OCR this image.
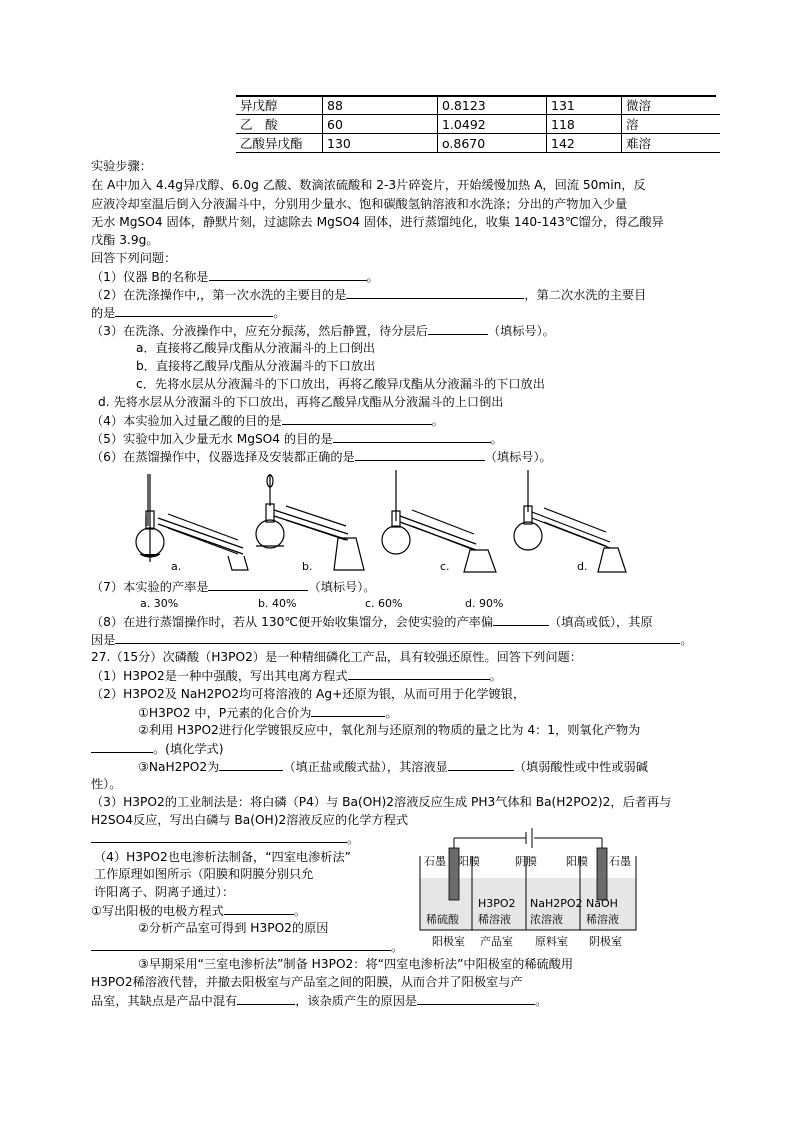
异戊醇	88	0.8123	131	微溶
乙　酸	60	1.0492	118	溶
乙酸异戊酯	130	o.8670	142	难溶
实验步骤：
在 A中加入 4.4g异戊醇、6.0g 乙酸、数滴浓硫酸和 2-3片碎瓷片，开始缓慢加热 A，回流 50min，反
应液冷却室温后倒入分液漏斗中，分别用少量水、饱和碳酸氢钠溶液和水洗涤；分出的产物加入少量
无水 MgSO4 固体，静默片刻，过滤除去 MgSO4 固体，进行蒸馏纯化，收集 140-143℃馏分，得乙酸异
戊酯 3.9g。
回答下列问题：
（1）仪器 B的名称是	。
（2）在洗涤操作中,，第一次水洗的主要目的是	，第二次水洗的主要目
的是	。
（3）在洗涤、分液操作中，应充分振荡，然后静置，待分层后	（填标号）。
a．直接将乙酸异戊酯从分液漏斗的上口倒出
b．直接将乙酸异戊酯从分液漏斗的下口放出
c．先将水层从分液漏斗的下口放出，再将乙酸异戊酯从分液漏斗的下口放出
d. 先将水层从分液漏斗的下口放出，再将乙酸异戊酯从分液漏斗的上口倒出
（4）本实验加入过量乙酸的目的是	。
（5）实验中加入少量无水 MgSO4 的目的是	。
（6）在蒸馏操作中，仪器选择及安装都正确的是	（填标号）。
a.	b.	c.	d.
（7）本实验的产率是	（填标号）。
a. 30%	b. 40%	c. 60%	d. 90%
（8）在进行蒸馏操作时，若从 130℃便开始收集馏分，会使实验的产率偏	（填高或低），其原
因是	。
27.（15分）次磷酸（H3PO2）是一种精细磷化工产品，具有较强还原性。回答下列问题：
（1）H3PO2是一种中强酸，写出其电离方程式	。
（2）H3PO2及 NaH2PO2均可将溶液的 Ag+还原为银，从而可用于化学镀银，
①H3PO2 中，P元素的化合价为	。
②利用 H3PO2进行化学镀银反应中，氧化剂与还原剂的物质的量之比为 4：1，则氧化产物为
。(填化学式)
③NaH2PO2为	（填正盐或酸式盐），其溶液显	（填弱酸性或中性或弱碱
性）。
（3）H3PO2的工业制法是：将白磷（P4）与 Ba(OH)2溶液反应生成 PH3气体和 Ba(H2PO2)2，后者再与
H2SO4反应，写出白磷与 Ba(OH)2溶液反应的化学方程式
。
（4）H3PO2也电渗析法制备，“四室电渗析法”
工作原理如图所示（阳膜和阴膜分别只允
许阳离子、阴离子通过）：
①写出阳极的电极方程式	。
②分析产品室可得到 H3PO2的原因
。
③早期采用“三室电渗析法”制备 H3PO2：将“四室电渗析法”中阳极室的稀硫酸用
H3PO2稀溶液代替，并撤去阳极室与产品室之间的阳膜，从而合并了阳极室与产
品室，其缺点是产品中混有	，该杂质产生的原因是	。
石墨 阳膜	阴膜	阳膜 石墨
稀硫酸
H3PO2
稀溶液
NaH2PO2
浓溶液
NaOH
稀溶液
阳极室 产品室 原料室 阴极室
